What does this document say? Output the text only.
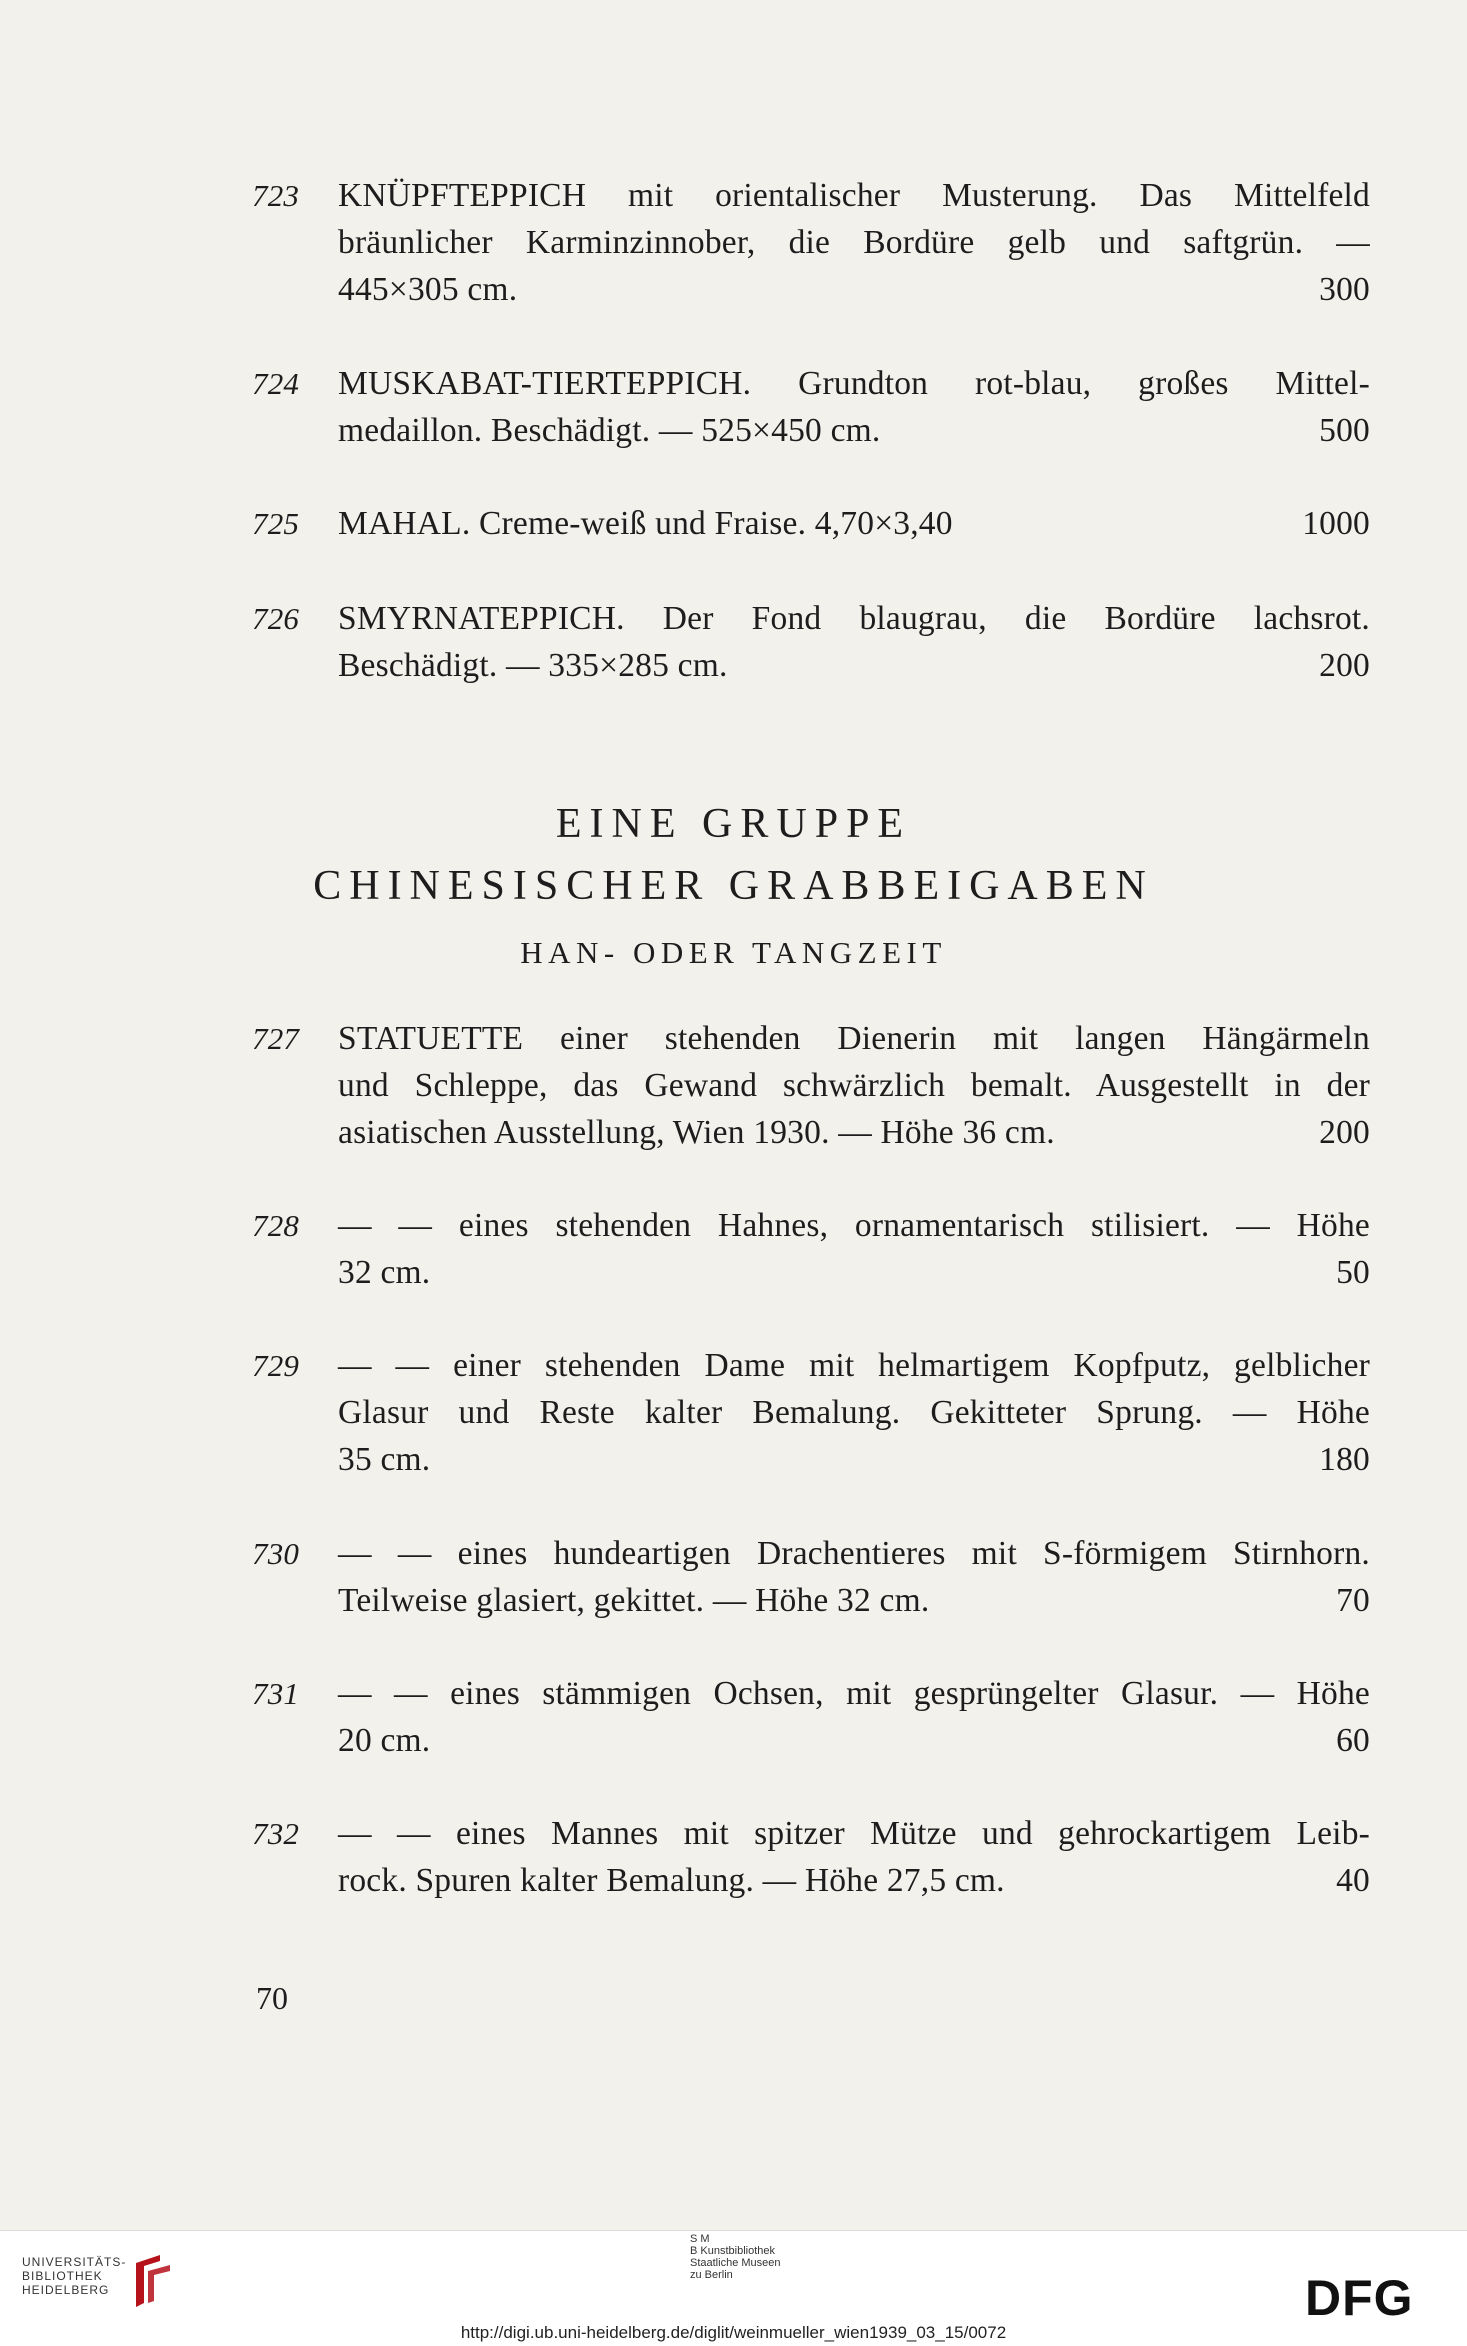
723 KNÜPFTEPPICH mit orientalischer Musterung. Das Mittelfeld
bräunlicher Karminzinnober, die Bordüre gelb und saftgrün. —
445×305 cm.	300
724 MUSKABAT-TIERTEPPICH. Grundton rot-blau, großes Mittel-
medaillon. Beschädigt. — 525×450 cm.	500
725 MAHAL. Creme-weiß und Fraise. 4,70×3,40	1000
726 SMYRNATEPPICH. Der Fond blaugrau, die Bordüre lachsrot.
Beschädigt. — 335×285 cm.	200
EINE GRUPPE
CHINESISCHER GRABBEIGABEN
HAN- ODER TANGZEIT
727 STATUETTE einer stehenden Dienerin mit langen Hängärmeln
und Schleppe, das Gewand schwärzlich bemalt. Ausgestellt in der
asiatischen Ausstellung, Wien 1930. — Höhe 36 cm.	200
728 — — eines stehenden Hahnes, ornamentarisch stilisiert. — Höhe
32 cm.	50
729 — — einer stehenden Dame mit helmartigem Kopfputz, gelblicher
Glasur und Reste kalter Bemalung. Gekitteter Sprung. — Höhe
35 cm.	180
730 — — eines hundeartigen Drachentieres mit S-förmigem Stirnhorn.
Teilweise glasiert, gekittet. — Höhe 32 cm.	70
731 — — eines stämmigen Ochsen, mit gesprüngelter Glasur. — Höhe
20 cm.	60
732 — — eines Mannes mit spitzer Mütze und gehrockartigem Leib-
rock. Spuren kalter Bemalung. — Höhe 27,5 cm.	40
70
UNIVERSITÄTS-
BIBLIOTHEK
HEIDELBERG
S M
B Kunstbibliothek
Staatliche Museen
zu Berlin	DFG
http://digi.ub.uni-heidelberg.de/diglit/weinmueller_wien1939_03_15/0072
